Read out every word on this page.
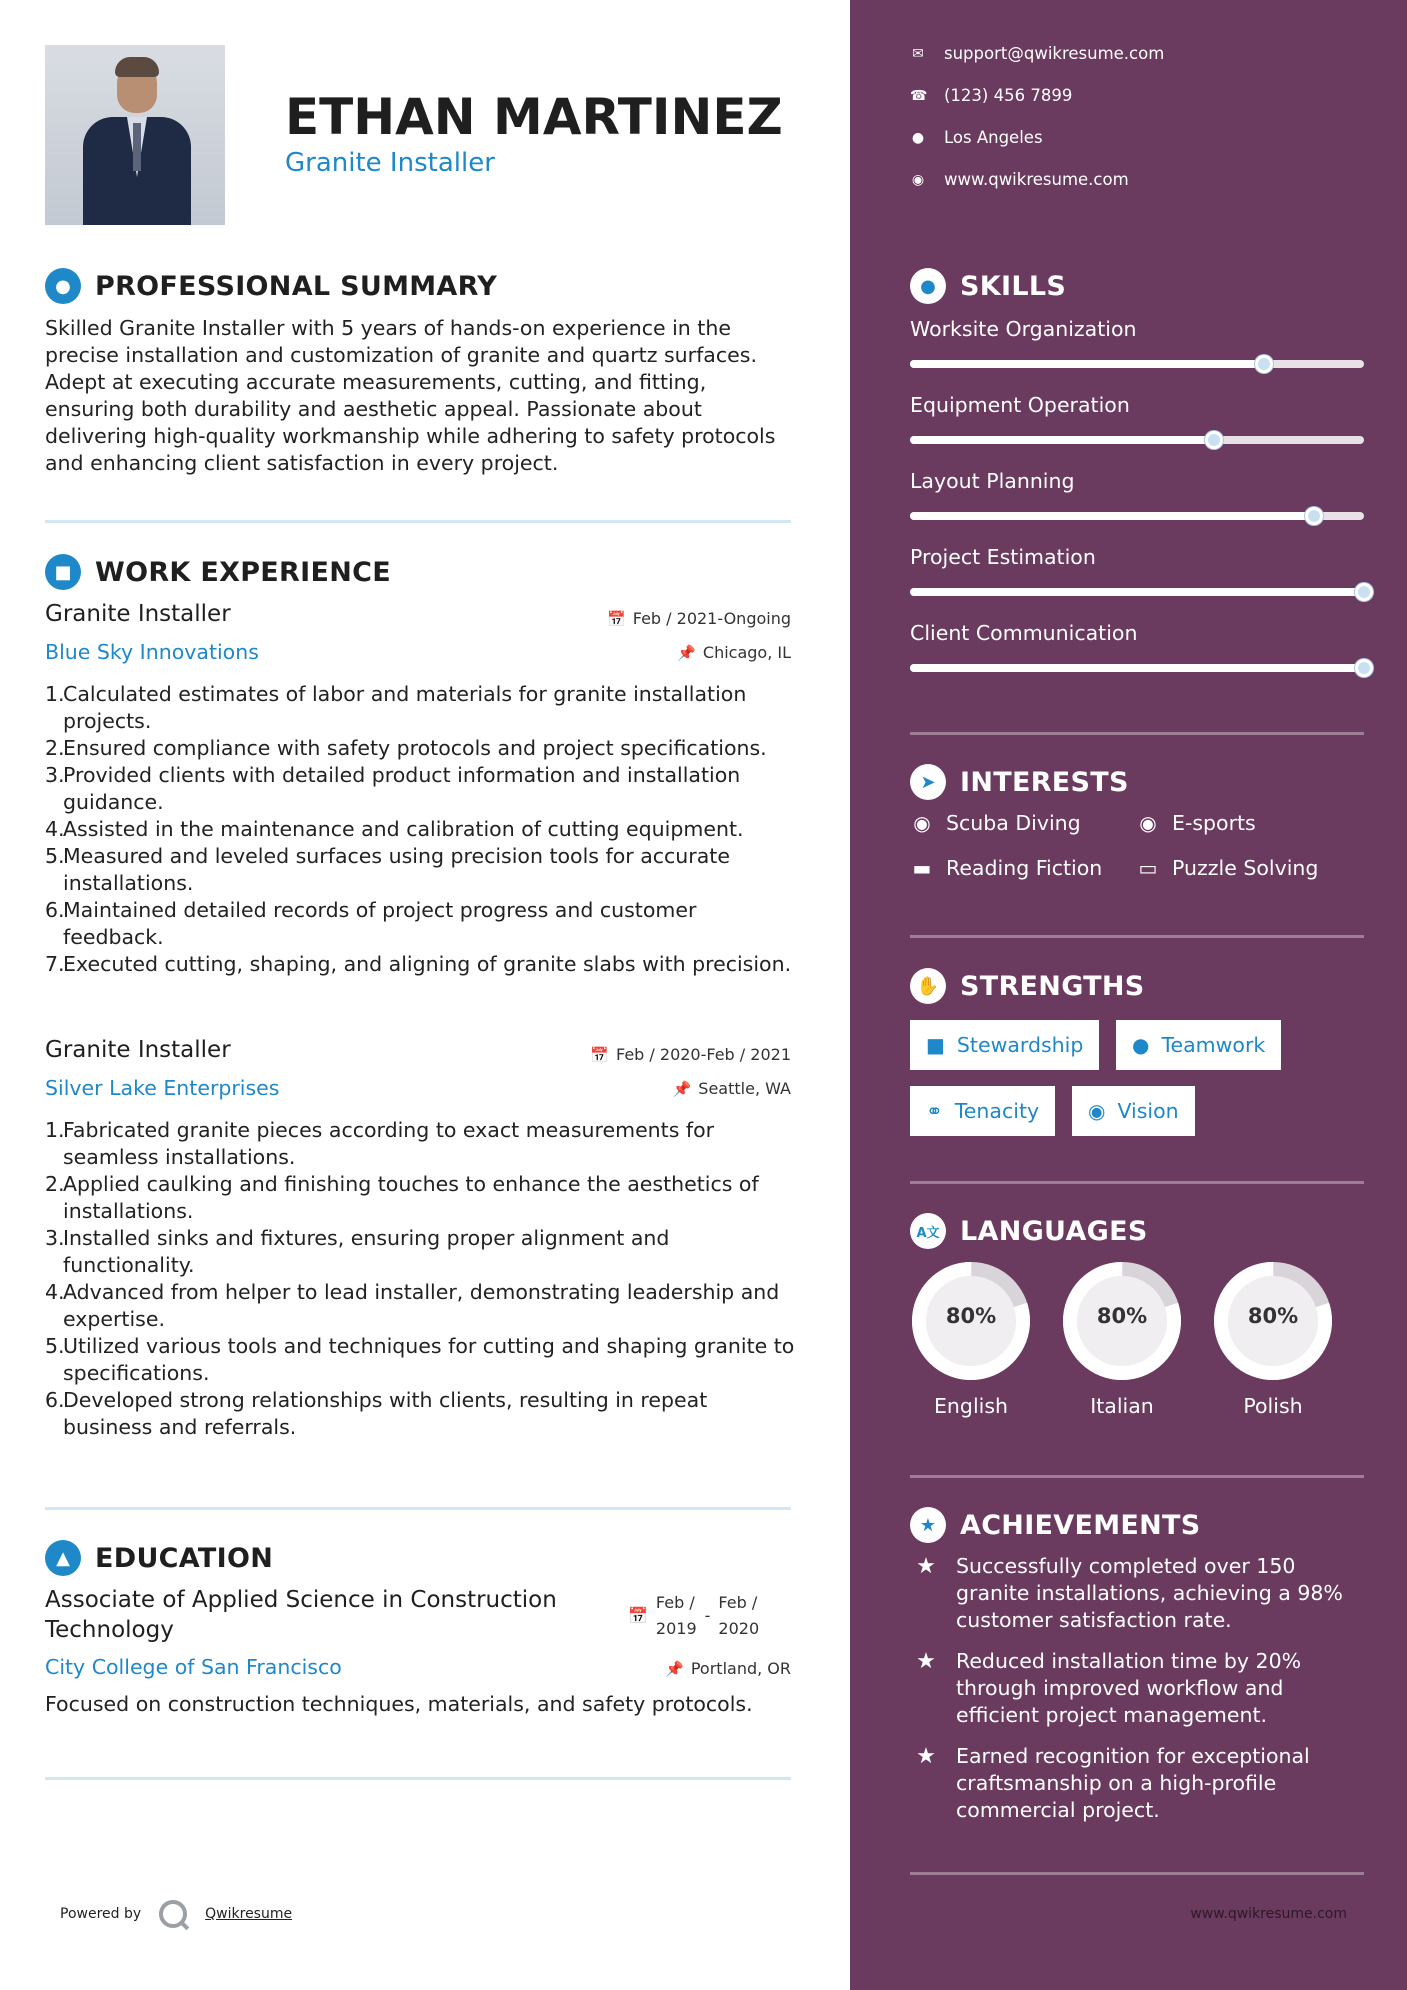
ETHAN MARTINEZ
Granite Installer
● PROFESSIONAL SUMMARY
Skilled Granite Installer with 5 years of hands-on experience in the precise installation and customization of granite and quartz surfaces. Adept at executing accurate measurements, cutting, and fitting, ensuring both durability and aesthetic appeal. Passionate about delivering high-quality workmanship while adhering to safety protocols and enhancing client satisfaction in every project.
■ WORK EXPERIENCE
Granite Installer	📅 Feb / 2021-Ongoing
Blue Sky Innovations	📌 Chicago, IL
1.
Calculated estimates of labor and materials for granite installation projects.
2.
Ensured compliance with safety protocols and project specifications.
3.
Provided clients with detailed product information and installation guidance.
4.
Assisted in the maintenance and calibration of cutting equipment.
5.
Measured and leveled surfaces using precision tools for accurate installations.
6.
Maintained detailed records of project progress and customer feedback.
7.
Executed cutting, shaping, and aligning of granite slabs with precision.
Granite Installer	📅 Feb / 2020-Feb / 2021
Silver Lake Enterprises	📌 Seattle, WA
1.
Fabricated granite pieces according to exact measurements for seamless installations.
2.
Applied caulking and finishing touches to enhance the aesthetics of installations.
3.
Installed sinks and fixtures, ensuring proper alignment and functionality.
4.
Advanced from helper to lead installer, demonstrating leadership and expertise.
5.
Utilized various tools and techniques for cutting and shaping granite to specifications.
6.
Developed strong relationships with clients, resulting in repeat business and referrals.
▲ EDUCATION
Associate of Applied Science in Construction
Technology
📅
Feb /
2019
-
Feb /
2020
City College of San Francisco	📌 Portland, OR
Focused on construction techniques, materials, and safety protocols.
Powered by	Qwikresume
✉ support@qwikresume.com
☎ (123) 456 7899
● Los Angeles
◉ www.qwikresume.com
● SKILLS
Worksite Organization
Equipment Operation
Layout Planning
Project Estimation
Client Communication
➤ INTERESTS
◉ Scuba Diving	◉ E-sports
▬ Reading Fiction ▭ Puzzle Solving
✋ STRENGTHS
■ Stewardship ● Teamwork
⚭ Tenacity ◉ Vision
A文 LANGUAGES
80%
English
80%
Italian
80%
Polish
★ ACHIEVEMENTS
★ Successfully completed over 150 granite installations, achieving a 98% customer satisfaction rate.
★ Reduced installation time by 20% through improved workflow and efficient project management.
★ Earned recognition for exceptional craftsmanship on a high-profile commercial project.
www.qwikresume.com
